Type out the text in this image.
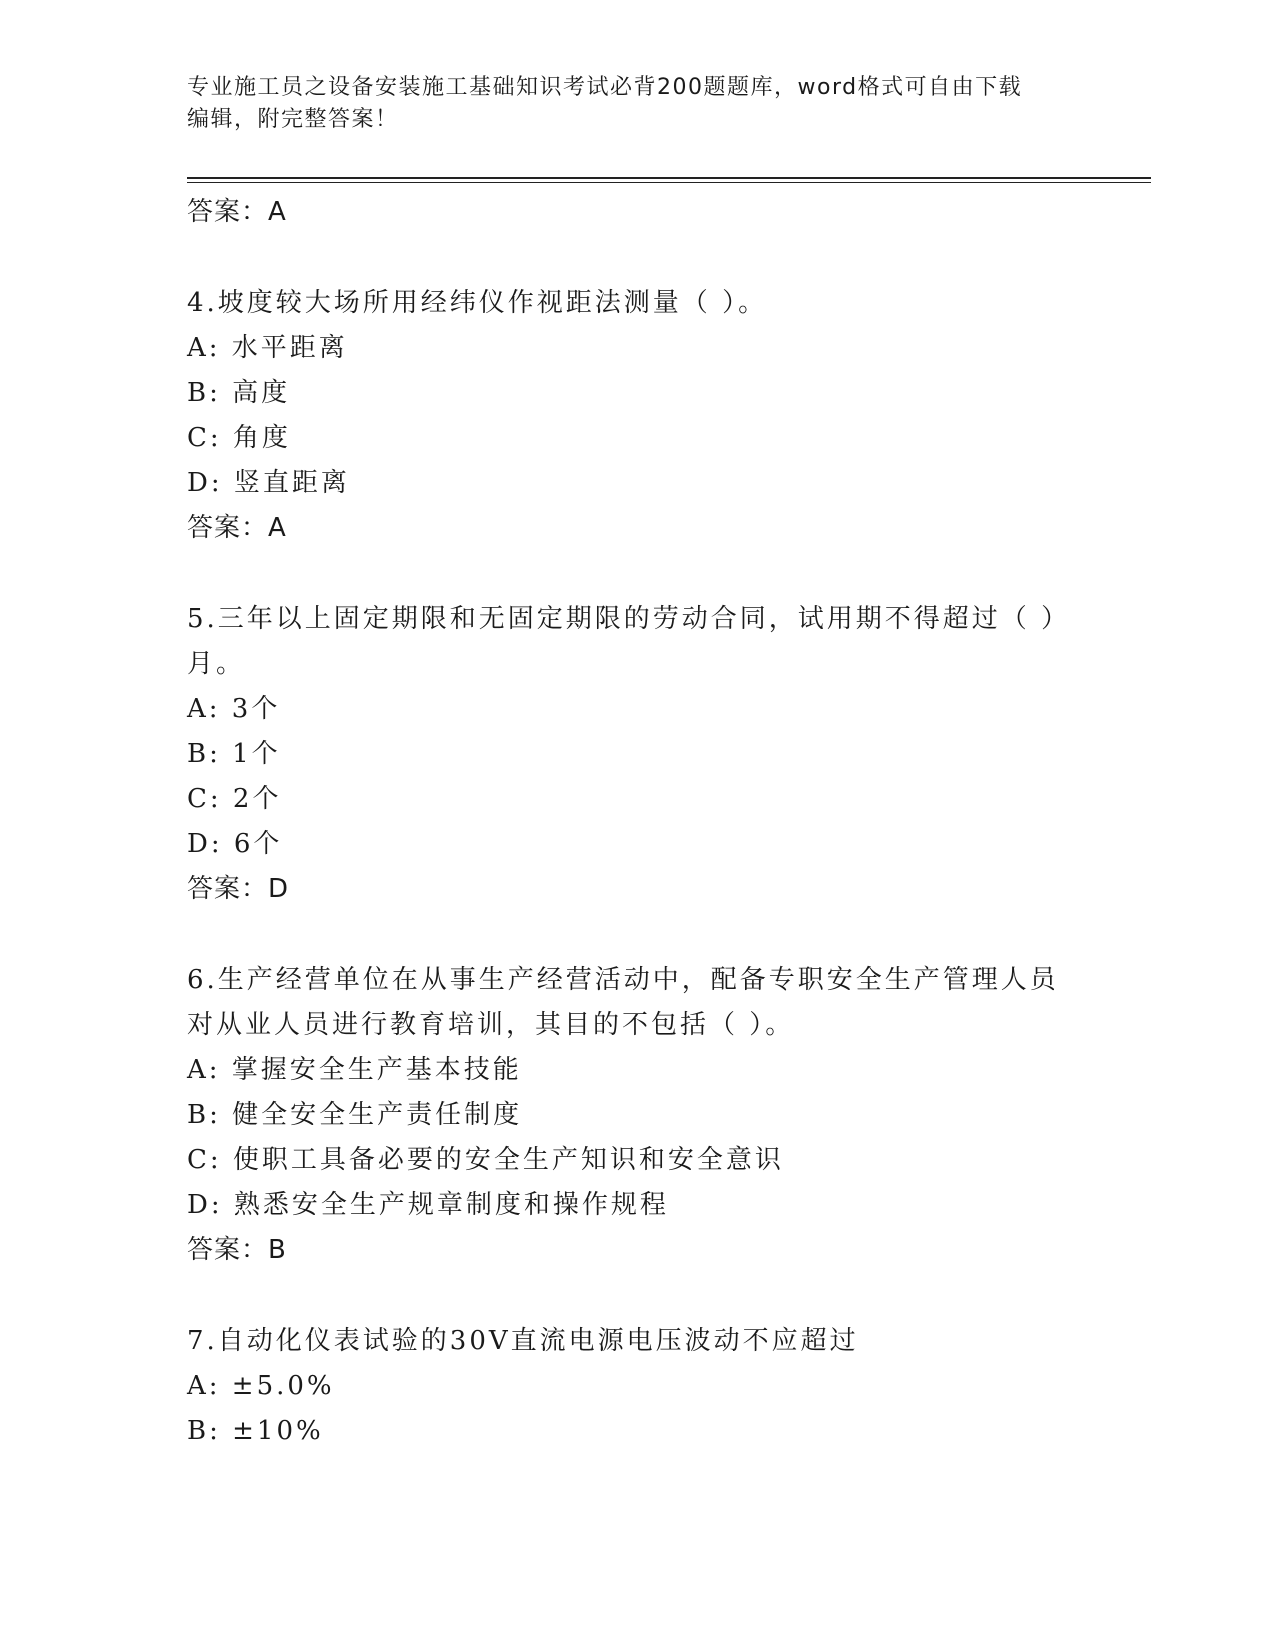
专业施工员之设备安装施工基础知识考试必背200题题库，word格式可自由下载
编辑，附完整答案！
答案：A
4.坡度较大场所用经纬仪作视距法测量（ ）。
A: 水平距离
B: 高度
C: 角度
D: 竖直距离
答案：A
5.三年以上固定期限和无固定期限的劳动合同，试用期不得超过（ ）
月。
A: 3个
B: 1个
C: 2个
D: 6个
答案：D
6.生产经营单位在从事生产经营活动中，配备专职安全生产管理人员
对从业人员进行教育培训，其目的不包括（ ）。
A: 掌握安全生产基本技能
B: 健全安全生产责任制度
C: 使职工具备必要的安全生产知识和安全意识
D: 熟悉安全生产规章制度和操作规程
答案：B
7.自动化仪表试验的30V直流电源电压波动不应超过
A: ±5.0%
B: ±10%
